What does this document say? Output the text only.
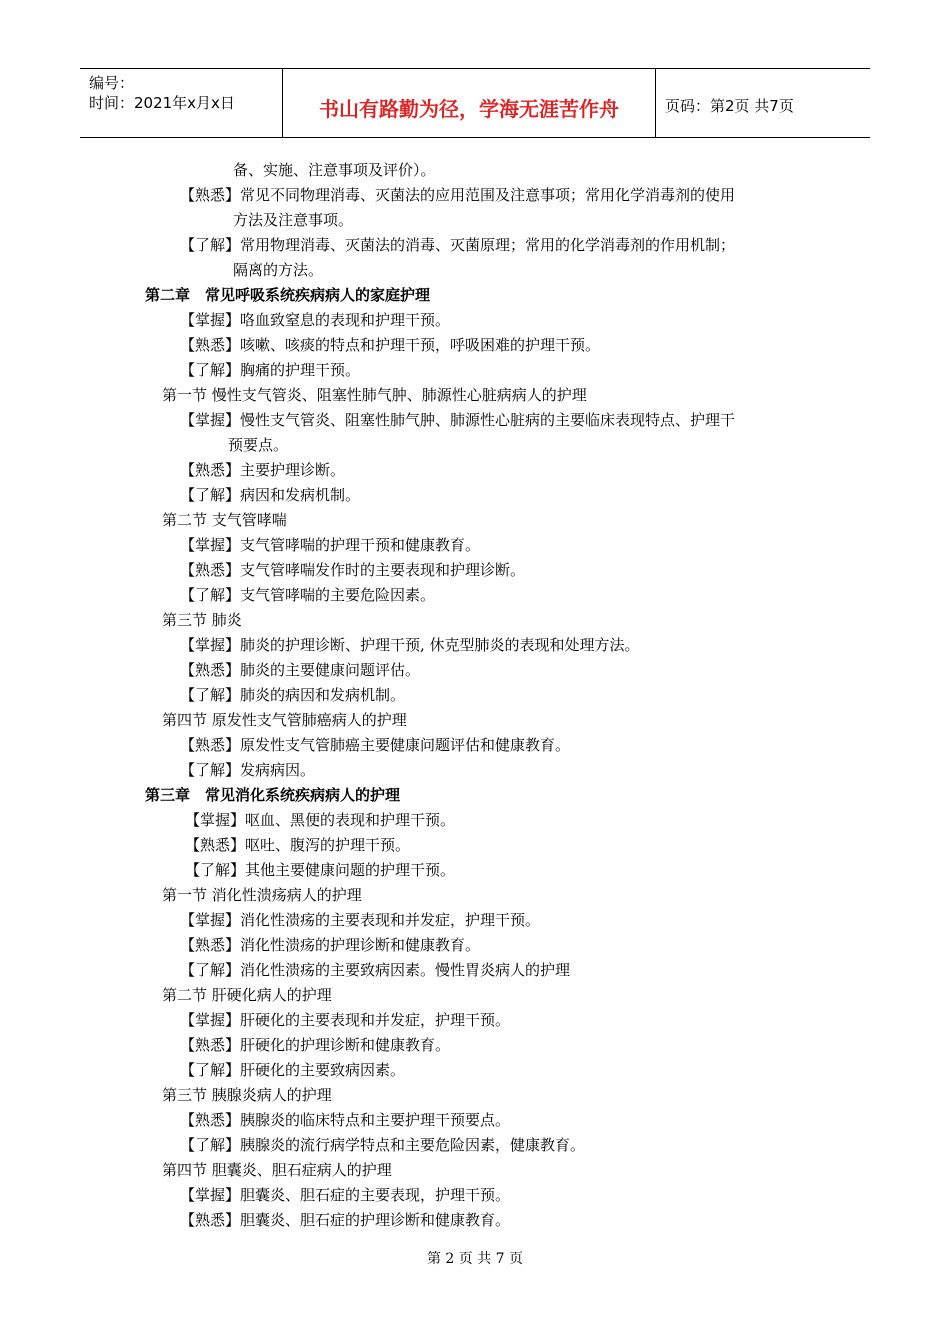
编号：
时间：2021年x月x日	书山有路勤为径，学海无涯苦作舟	页码：第2页 共7页
备、实施、注意事项及评价）。
【熟悉】常见不同物理消毒、灭菌法的应用范围及注意事项；常用化学消毒剂的使用
方法及注意事项。
【了解】常用物理消毒、灭菌法的消毒、灭菌原理；常用的化学消毒剂的作用机制；
隔离的方法。
第二章　常见呼吸系统疾病病人的家庭护理
【掌握】咯血致窒息的表现和护理干预。
【熟悉】咳嗽、咳痰的特点和护理干预，呼吸困难的护理干预。
【了解】胸痛的护理干预。
第一节 慢性支气管炎、阻塞性肺气肿、肺源性心脏病病人的护理
【掌握】慢性支气管炎、阻塞性肺气肿、肺源性心脏病的主要临床表现特点、护理干
预要点。
【熟悉】主要护理诊断。
【了解】病因和发病机制。
第二节 支气管哮喘
【掌握】支气管哮喘的护理干预和健康教育。
【熟悉】支气管哮喘发作时的主要表现和护理诊断。
【了解】支气管哮喘的主要危险因素。
第三节 肺炎
【掌握】肺炎的护理诊断、护理干预, 休克型肺炎的表现和处理方法。
【熟悉】肺炎的主要健康问题评估。
【了解】肺炎的病因和发病机制。
第四节 原发性支气管肺癌病人的护理
【熟悉】原发性支气管肺癌主要健康问题评估和健康教育。
【了解】发病病因。
第三章　常见消化系统疾病病人的护理
【掌握】呕血、黑便的表现和护理干预。
【熟悉】呕吐、腹泻的护理干预。
【了解】其他主要健康问题的护理干预。
第一节 消化性溃疡病人的护理
【掌握】消化性溃疡的主要表现和并发症，护理干预。
【熟悉】消化性溃疡的护理诊断和健康教育。
【了解】消化性溃疡的主要致病因素。慢性胃炎病人的护理
第二节 肝硬化病人的护理
【掌握】肝硬化的主要表现和并发症，护理干预。
【熟悉】肝硬化的护理诊断和健康教育。
【了解】肝硬化的主要致病因素。
第三节 胰腺炎病人的护理
【熟悉】胰腺炎的临床特点和主要护理干预要点。
【了解】胰腺炎的流行病学特点和主要危险因素，健康教育。
第四节 胆囊炎、胆石症病人的护理
【掌握】胆囊炎、胆石症的主要表现，护理干预。
【熟悉】胆囊炎、胆石症的护理诊断和健康教育。
第 2 页 共 7 页
